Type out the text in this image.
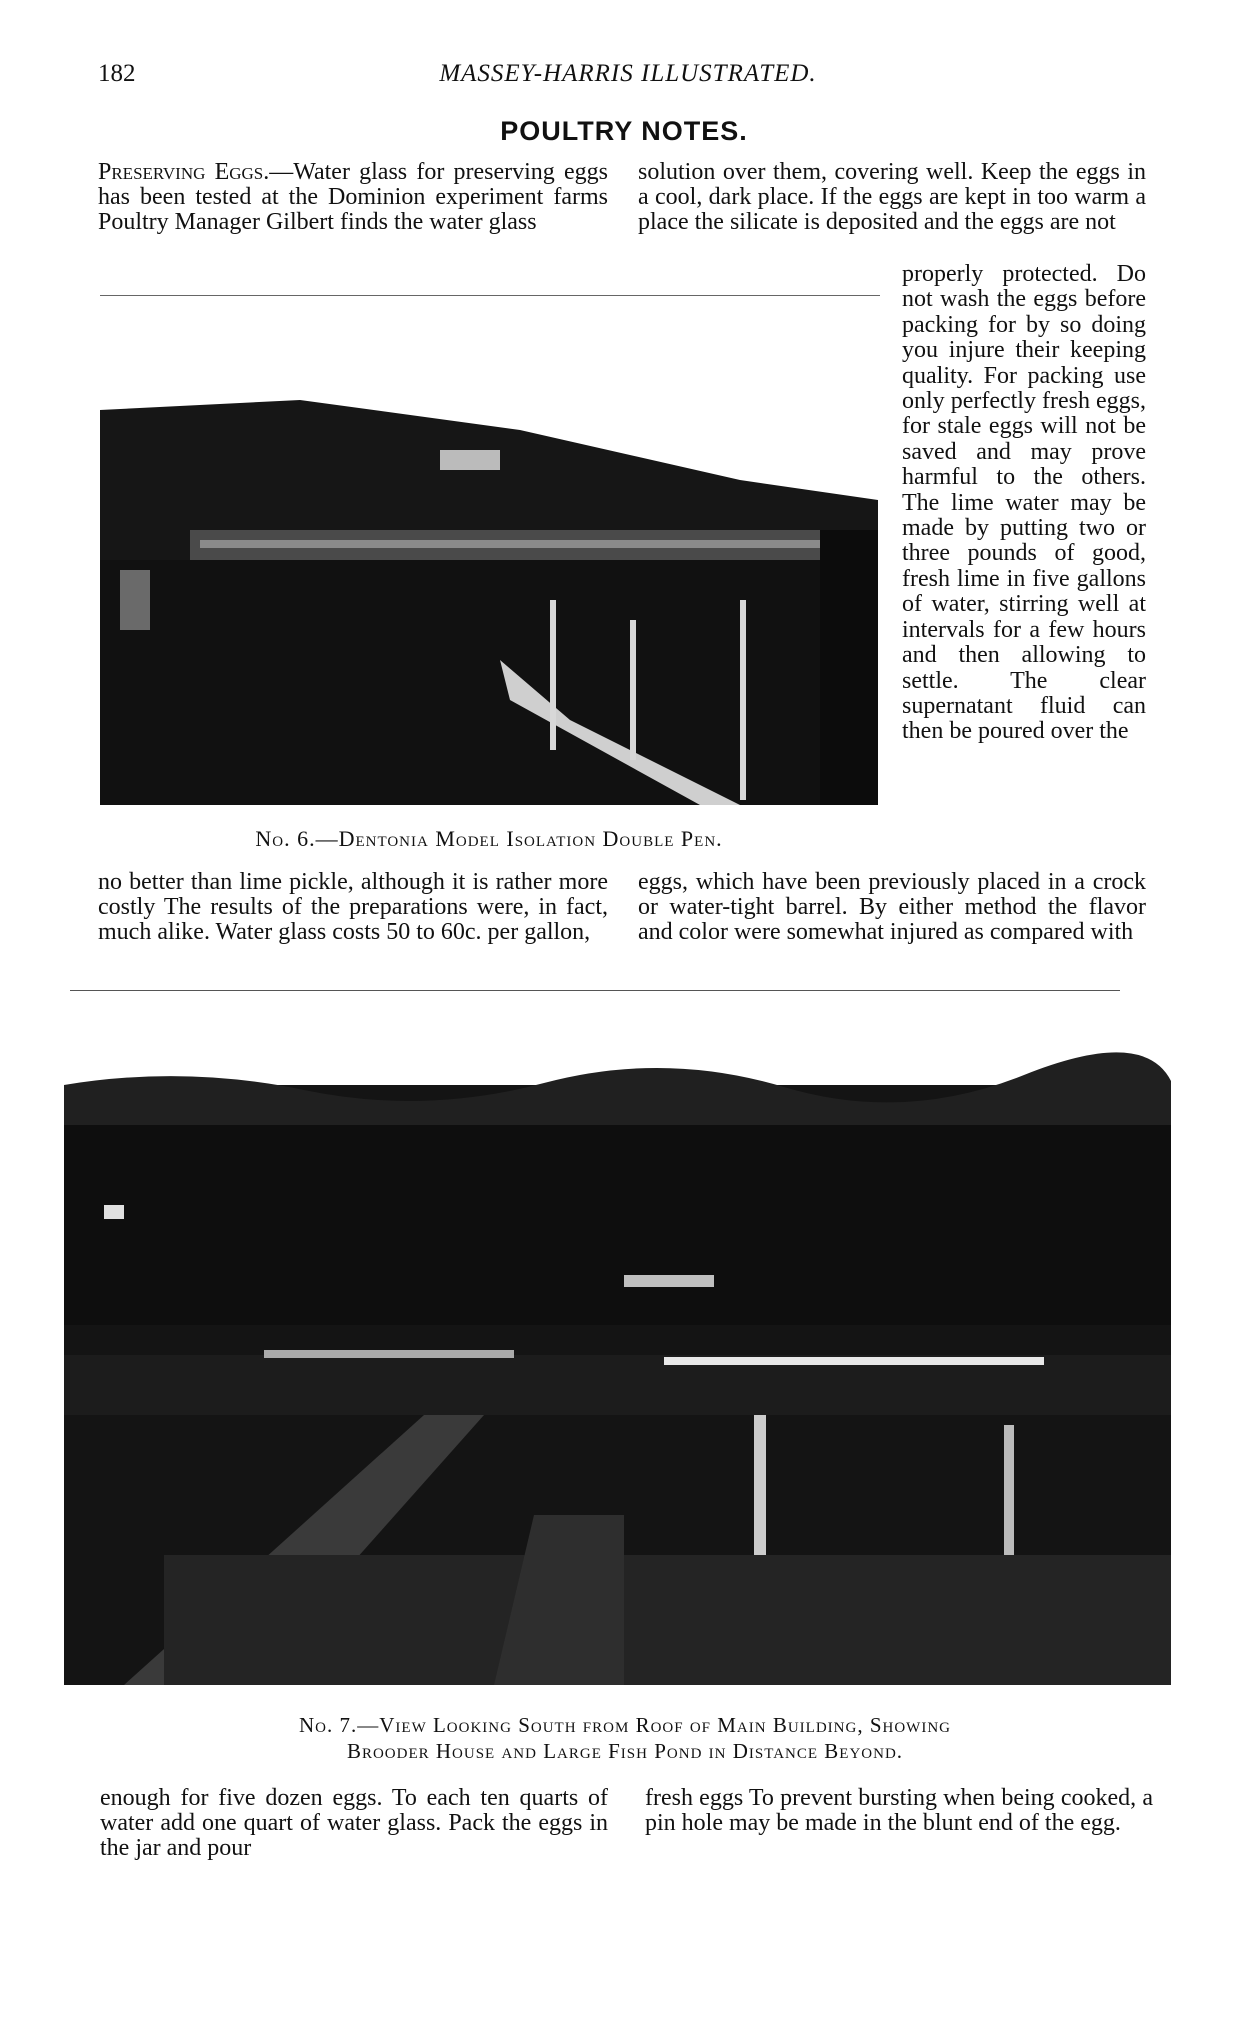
182	MASSEY-HARRIS ILLUSTRATED.
POULTRY NOTES.

Preserving Eggs.—Water glass for preserving eggs has been tested at the Dominion experiment farms Poultry Manager Gilbert finds the water glass

solution over them, covering well. Keep the eggs in a cool, dark place. If the eggs are kept in too warm a place the silicate is deposited and the eggs are not
properly protected. Do not wash the eggs before packing for by so doing you injure their keeping quality. For packing use only perfectly fresh eggs, for stale eggs will not be saved and may prove harmful to the others. The lime water may be made by putting two or three pounds of good, fresh lime in five gallons of water, stirring well at intervals for a few hours and then allowing to settle. The clear supernatant fluid can then be poured over the
No. 6.—Dentonia Model Isolation Double Pen.
no better than lime pickle, although it is rather more costly The results of the preparations were, in fact, much alike. Water glass costs 50 to 60c. per gallon,
eggs, which have been previously placed in a crock or water-tight barrel. By either method the flavor and color were somewhat injured as compared with
No. 7.—View Looking South from Roof of Main Building, Showing
Brooder House and Large Fish Pond in Distance Beyond.
enough for five dozen eggs. To each ten quarts of water add one quart of water glass. Pack the eggs in the jar and pour
fresh eggs To prevent bursting when being cooked, a pin hole may be made in the blunt end of the egg.
